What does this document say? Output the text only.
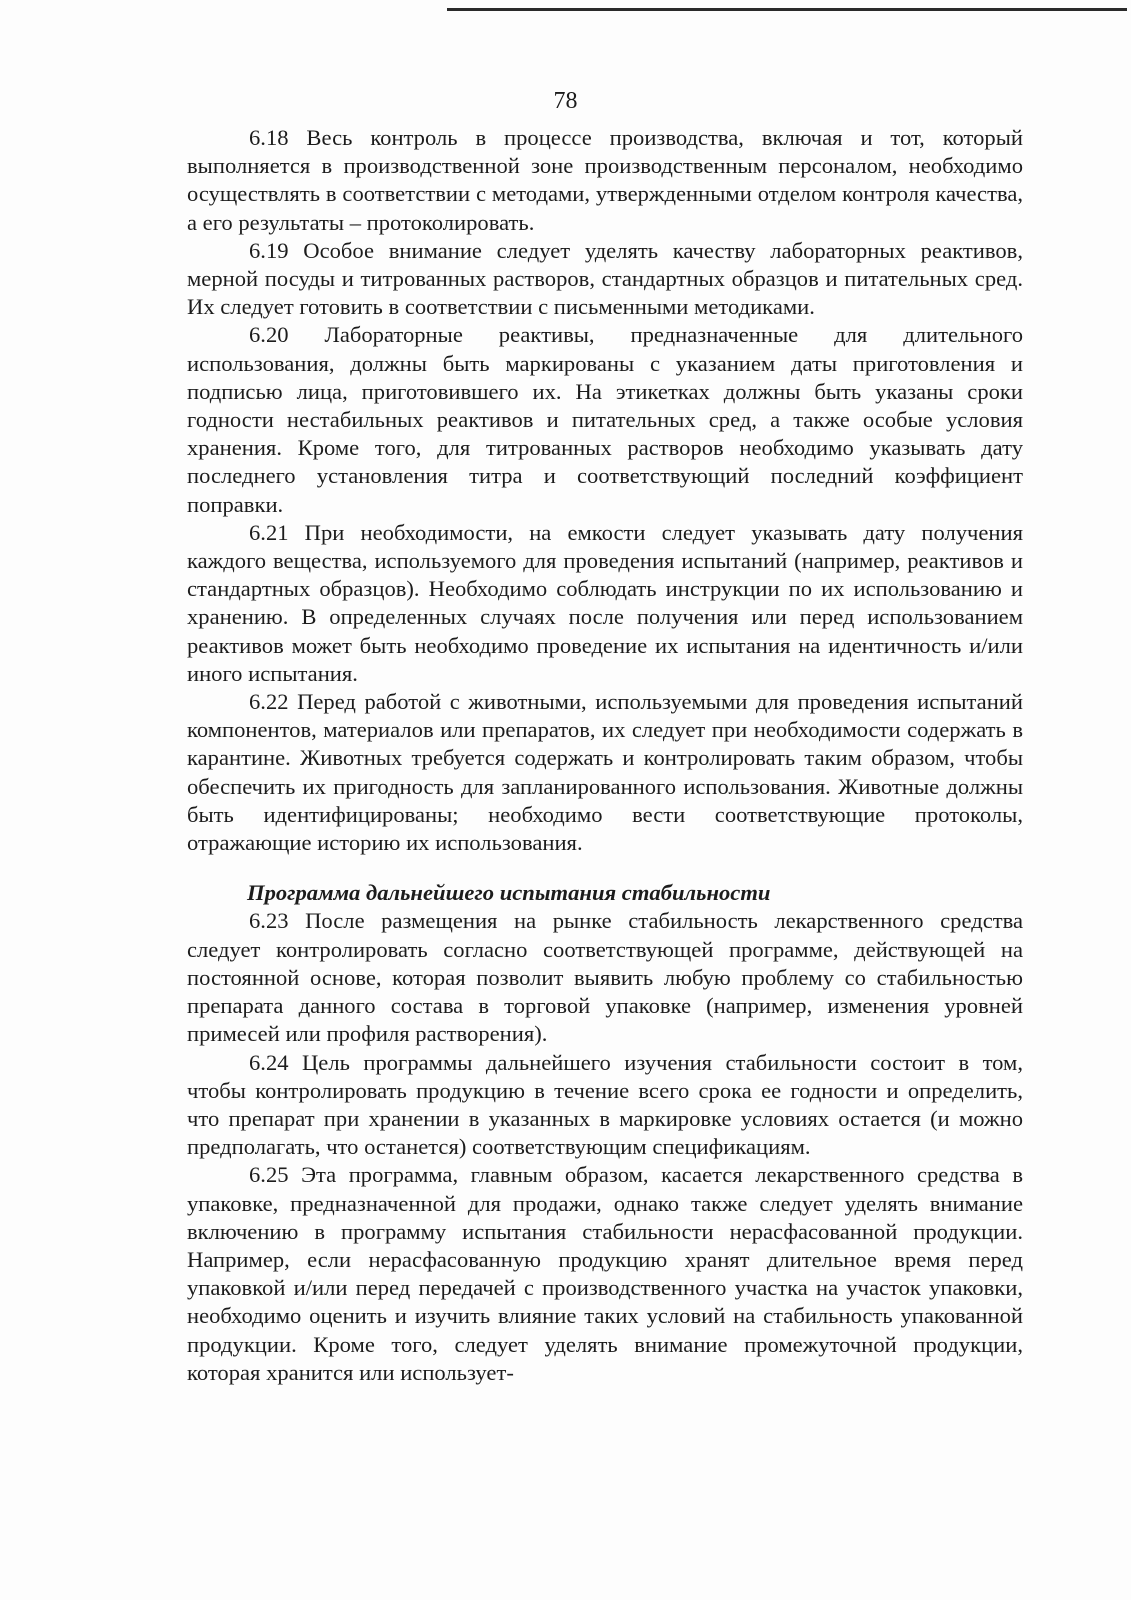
78

6.18 Весь контроль в процессе производства, включая и тот, который выполняется в производственной зоне производственным персоналом, необходимо осуществлять в соответствии с методами, утвержденными отделом контроля качества, а его результаты – протоколировать.

6.19 Особое внимание следует уделять качеству лабораторных реактивов, мерной посуды и титрованных растворов, стандартных образцов и питательных сред. Их следует готовить в соответствии с письменными методиками.

6.20 Лабораторные реактивы, предназначенные для длительного использования, должны быть маркированы с указанием даты приготовления и подписью лица, приготовившего их. На этикетках должны быть указаны сроки годности нестабильных реактивов и питательных сред, а также особые условия хранения. Кроме того, для титрованных растворов необходимо указывать дату последнего установления титра и соответствующий последний коэффициент поправки.

6.21 При необходимости, на емкости следует указывать дату получения каждого вещества, используемого для проведения испытаний (например, реактивов и стандартных образцов). Необходимо соблюдать инструкции по их использованию и хранению. В определенных случаях после получения или перед использованием реактивов может быть необходимо проведение их испытания на идентичность и/или иного испытания.

6.22 Перед работой с животными, используемыми для проведения испытаний компонентов, материалов или препаратов, их следует при необходимости содержать в карантине. Животных требуется содержать и контролировать таким образом, чтобы обеспечить их пригодность для запланированного использования. Животные должны быть идентифицированы; необходимо вести соответствующие протоколы, отражающие историю их использования.

Программа дальнейшего испытания стабильности

6.23 После размещения на рынке стабильность лекарственного средства следует контролировать согласно соответствующей программе, действующей на постоянной основе, которая позволит выявить любую проблему со стабильностью препарата данного состава в торговой упаковке (например, изменения уровней примесей или профиля растворения).

6.24 Цель программы дальнейшего изучения стабильности состоит в том, чтобы контролировать продукцию в течение всего срока ее годности и определить, что препарат при хранении в указанных в маркировке условиях остается (и можно предполагать, что останется) соответствующим спецификациям.

6.25 Эта программа, главным образом, касается лекарственного средства в упаковке, предназначенной для продажи, однако также следует уделять внимание включению в программу испытания стабильности нерасфасованной продукции. Например, если нерасфасованную продукцию хранят длительное время перед упаковкой и/или перед передачей с производственного участка на участок упаковки, необходимо оценить и изучить влияние таких условий на стабильность упакованной продукции. Кроме того, следует уделять внимание промежуточной продукции, которая хранится или использует-
